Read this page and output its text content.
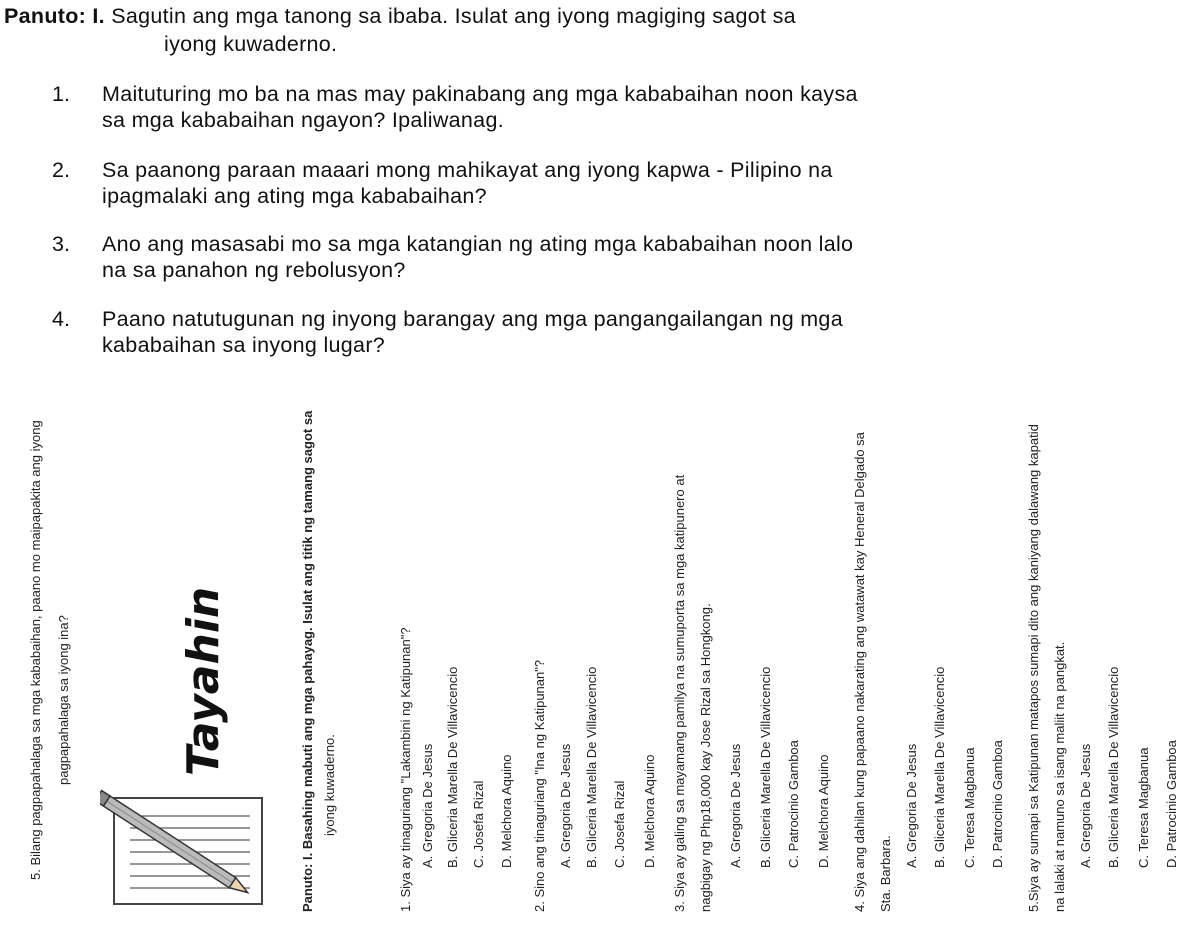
Panuto: I. Sagutin ang mga tanong sa ibaba. Isulat ang iyong magiging sagot sa
iyong kuwaderno.
1. Maituturing mo ba na mas may pakinabang ang mga kababaihan noon kaysa
sa mga kababaihan ngayon? Ipaliwanag.
2. Sa paanong paraan maaari mong mahikayat ang iyong kapwa - Pilipino na
ipagmalaki ang ating mga kababaihan?
3. Ano ang masasabi mo sa mga katangian ng ating mga kababaihan noon lalo
na sa panahon ng rebolusyon?
4. Paano natutugunan ng inyong barangay ang mga pangangailangan ng mga
kababaihan sa inyong lugar?
5. Bilang pagpapahalaga sa mga kababaihan, paano mo maipapakita ang iyong pagpapahalaga sa iyong ina? Tayahin	Panuto: I. Basahing mabuti ang mga pahayag. Isulat ang titik ng tamang sagot sa iyong kuwaderno.	1. Siya ay tinaguriang "Lakambini ng Katipunan"? A. Gregoria De Jesus B. Gliceria Marella De Villavicencio C. Josefa Rizal D. Melchora Aquino 2. Sino ang tinaguriang "Ina ng Katipunan"? A. Gregoria De Jesus B. Gliceria Marella De Villavicencio C. Josefa Rizal D. Melchora Aquino 3. Siya ay galing sa mayamang pamilya na sumuporta sa mga katipunero at nagbigay ng Php18,000 kay Jose Rizal sa Hongkong. A. Gregoria De Jesus B. Gliceria Marella De Villavicencio C. Patrocinio Gamboa D. Melchora Aquino 4. Siya ang dahilan kung papaano nakarating ang watawat kay Heneral Delgado sa Sta. Barbara.
A. Gregoria De Jesus B. Gliceria Marella De Villavicencio C. Teresa Magbanua D. Patrocinio Gamboa 5.Siya ay sumapi sa Katipunan matapos sumapi dito ang kaniyang dalawang kapatid na lalaki at namuno sa isang maliit na pangkat. A. Gregoria De Jesus B. Gliceria Marella De Villavicencio C. Teresa Magbanua D. Patrocinio Gamboa
